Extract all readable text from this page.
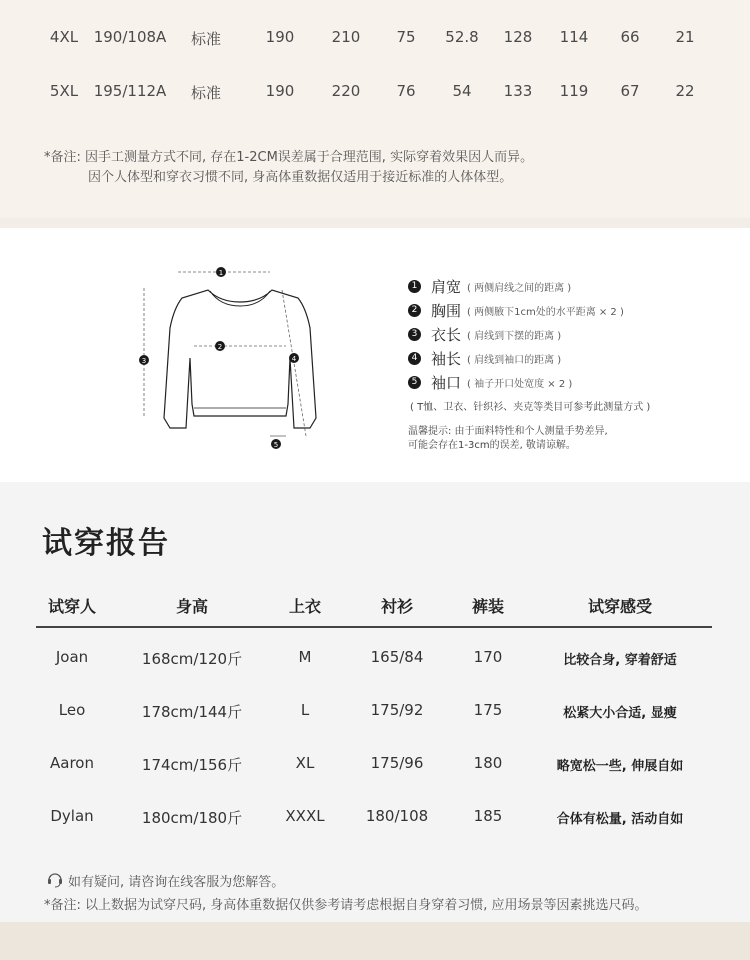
4XL 190/108A 标准	190 210 75 52.8 128 114 66 21
5XL 195/112A 标准	190 220 76 54 133 119 67 22
*备注: 因手工测量方式不同, 存在1-2CM误差属于合理范围, 实际穿着效果因人而异。
因个人体型和穿衣习惯不同, 身高体重数据仅适用于接近标准的人体体型。
1
2
3	4
5
1 肩宽 ( 两侧肩线之间的距离 )
2 胸围 ( 两侧腋下1cm处的水平距离 × 2 )
3 衣长 ( 肩线到下摆的距离 )
4 袖长 ( 肩线到袖口的距离 )
5 袖口 ( 袖子开口处宽度 × 2 )
( T恤、卫衣、针织衫、夹克等类目可参考此测量方式 )
温馨提示: 由于面料特性和个人测量手势差异,
可能会存在1-3cm的误差, 敬请谅解。
试穿报告
试穿人	身高	上衣	衬衫	裤装	试穿感受
Joan	168cm/120斤	M	165/84	170	比较合身, 穿着舒适
Leo	178cm/144斤	L	175/92	175	松紧大小合适, 显瘦
Aaron	174cm/156斤	XL	175/96	180	略宽松一些, 伸展自如
Dylan	180cm/180斤	XXXL	180/108	185	合体有松量, 活动自如
如有疑问, 请咨询在线客服为您解答。
*备注: 以上数据为试穿尺码, 身高体重数据仅供参考请考虑根据自身穿着习惯, 应用场景等因素挑选尺码。
